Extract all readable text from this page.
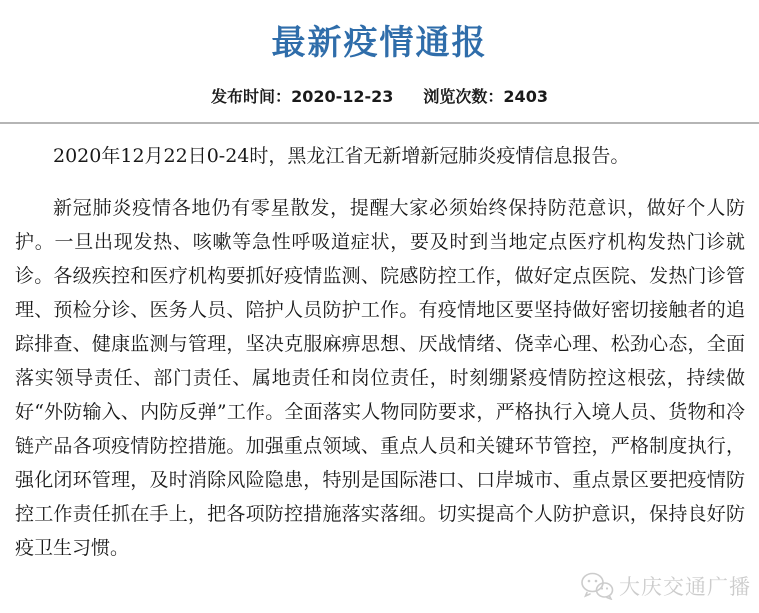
最新疫情通报
发布时间：2020-12-23 浏览次数：2403

2020年12月22日0-24时，黑龙江省无新增新冠肺炎疫情信息报告。

新冠肺炎疫情各地仍有零星散发，提醒大家必须始终保持防范意识，做好个人防护。一旦出现发热、咳嗽等急性呼吸道症状，要及时到当地定点医疗机构发热门诊就诊。各级疾控和医疗机构要抓好疫情监测、院感防控工作，做好定点医院、发热门诊管理、预检分诊、医务人员、陪护人员防护工作。有疫情地区要坚持做好密切接触者的追踪排查、健康监测与管理，坚决克服麻痹思想、厌战情绪、侥幸心理、松劲心态，全面落实领导责任、部门责任、属地责任和岗位责任，时刻绷紧疫情防控这根弦，持续做好“外防输入、内防反弹”工作。全面落实人物同防要求，严格执行入境人员、货物和冷链产品各项疫情防控措施。加强重点领域、重点人员和关键环节管控，严格制度执行，强化闭环管理，及时消除风险隐患，特别是国际港口、口岸城市、重点景区要把疫情防控工作责任抓在手上，把各项防控措施落实落细。切实提高个人防护意识，保持良好防疫卫生习惯。

大庆交通广播
